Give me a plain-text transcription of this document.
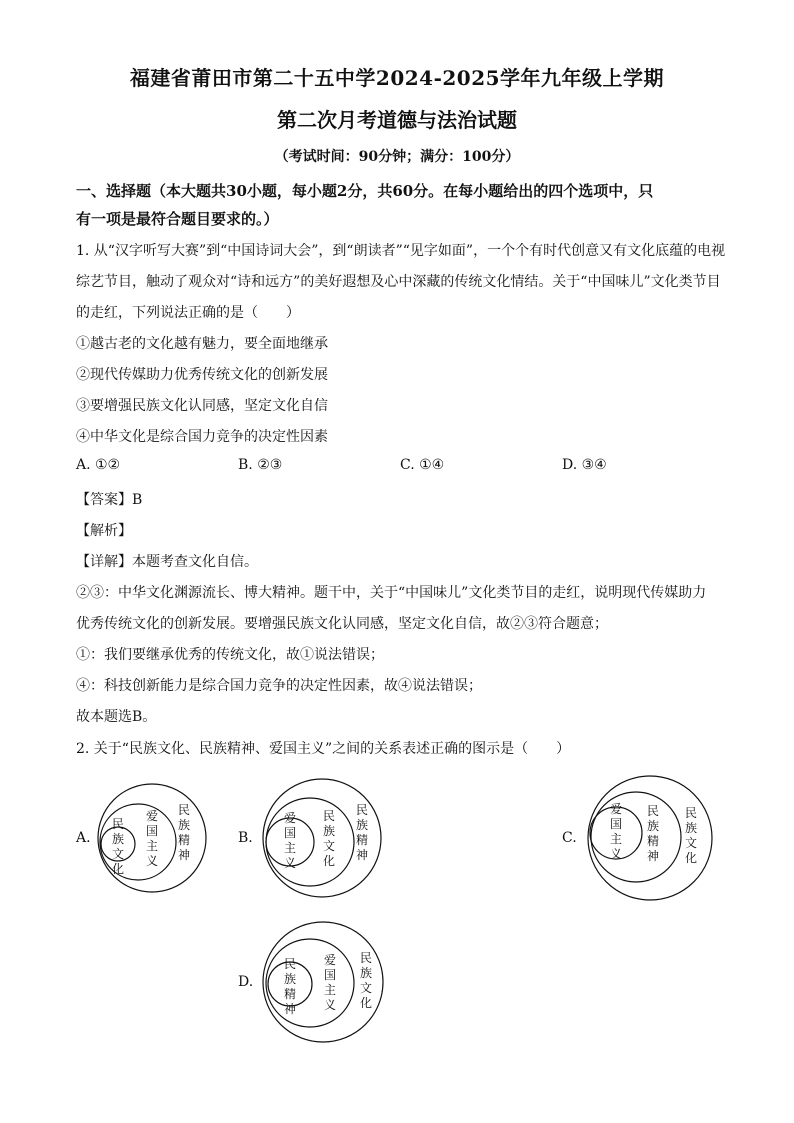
福建省莆田市第二十五中学2024-2025学年九年级上学期
第二次月考道德与法治试题
（考试时间：90分钟；满分：100分）
一、选择题（本大题共30小题，每小题2分，共60分。在每小题给出的四个选项中，只
有一项是最符合题目要求的。）
1. 从“汉字听写大赛”到“中国诗词大会”，到“朗读者”“见字如面”，一个个有时代创意又有文化底蕴的电视
综艺节目，触动了观众对“诗和远方”的美好遐想及心中深藏的传统文化情结。关于“中国味儿”文化类节目
的走红，下列说法正确的是（　　）
①越古老的文化越有魅力，要全面地继承
②现代传媒助力优秀传统文化的创新发展
③要增强民族文化认同感，坚定文化自信
④中华文化是综合国力竞争的决定性因素
A. ①②	B. ②③	C. ①④	D. ③④
【答案】B
【解析】
【详解】本题考查文化自信。
②③：中华文化渊源流长、博大精神。题干中，关于“中国味儿”文化类节目的走红，说明现代传媒助力
优秀传统文化的创新发展。要增强民族文化认同感，坚定文化自信，故②③符合题意；
①：我们要继承优秀的传统文化，故①说法错误；
④：科技创新能力是综合国力竞争的决定性因素，故④说法错误；
故本题选B。
2. 关于“民族文化、民族精神、爱国主义”之间的关系表述正确的图示是（　　）
A.
民族文化
爱国主义
民族精神
B.
爱国主义
民族文化
民族精神
C.
爱国主义
民族精神
民族文化
D.
民族精神
爱国主义
民族文化
